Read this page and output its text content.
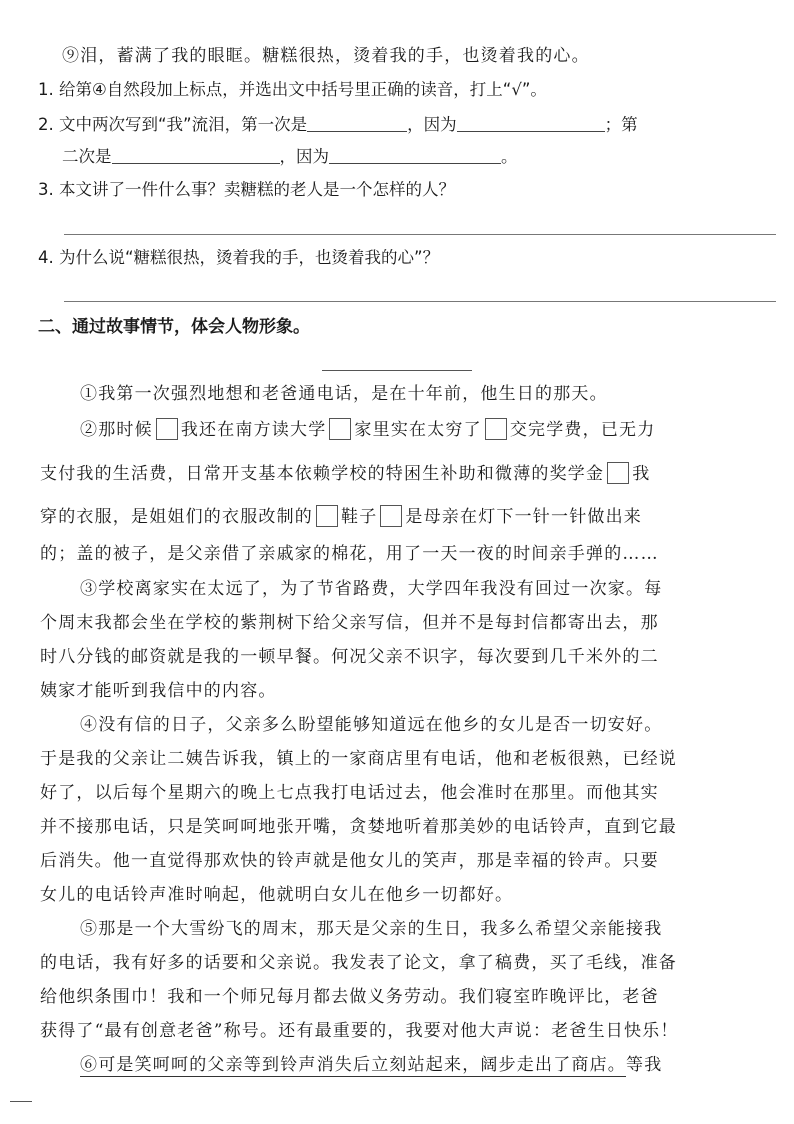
⑨泪，蓄满了我的眼眶。糖糕很热，烫着我的手，也烫着我的心。
1. 给第④自然段加上标点，并选出文中括号里正确的读音，打上“√”。
2. 文中两次写到“我”流泪，第一次是	，因为	；第
二次是	，因为	。
3. 本文讲了一件什么事？卖糖糕的老人是一个怎样的人？
4. 为什么说“糖糕很热，烫着我的手，也烫着我的心”？
二、通过故事情节，体会人物形象。
①我第一次强烈地想和老爸通电话，是在十年前，他生日的那天。
②那时候 我还在南方读大学 家里实在太穷了 交完学费，已无力
支付我的生活费，日常开支基本依赖学校的特困生补助和微薄的奖学金 我
穿的衣服，是姐姐们的衣服改制的 鞋子 是母亲在灯下一针一针做出来
的；盖的被子，是父亲借了亲戚家的棉花，用了一天一夜的时间亲手弹的……
③学校离家实在太远了，为了节省路费，大学四年我没有回过一次家。每
个周末我都会坐在学校的紫荆树下给父亲写信，但并不是每封信都寄出去，那
时八分钱的邮资就是我的一顿早餐。何况父亲不识字，每次要到几千米外的二
姨家才能听到我信中的内容。
④没有信的日子，父亲多么盼望能够知道远在他乡的女儿是否一切安好。
于是我的父亲让二姨告诉我，镇上的一家商店里有电话，他和老板很熟，已经说
好了，以后每个星期六的晚上七点我打电话过去，他会准时在那里。而他其实
并不接那电话，只是笑呵呵地张开嘴，贪婪地听着那美妙的电话铃声，直到它最
后消失。他一直觉得那欢快的铃声就是他女儿的笑声，那是幸福的铃声。只要
女儿的电话铃声准时响起，他就明白女儿在他乡一切都好。
⑤那是一个大雪纷飞的周末，那天是父亲的生日，我多么希望父亲能接我
的电话，我有好多的话要和父亲说。我发表了论文，拿了稿费，买了毛线，准备
给他织条围巾！我和一个师兄每月都去做义务劳动。我们寝室昨晚评比，老爸
获得了“最有创意老爸”称号。还有最重要的，我要对他大声说：老爸生日快乐！
⑥可是笑呵呵的父亲等到铃声消失后立刻站起来，阔步走出了商店。等我
